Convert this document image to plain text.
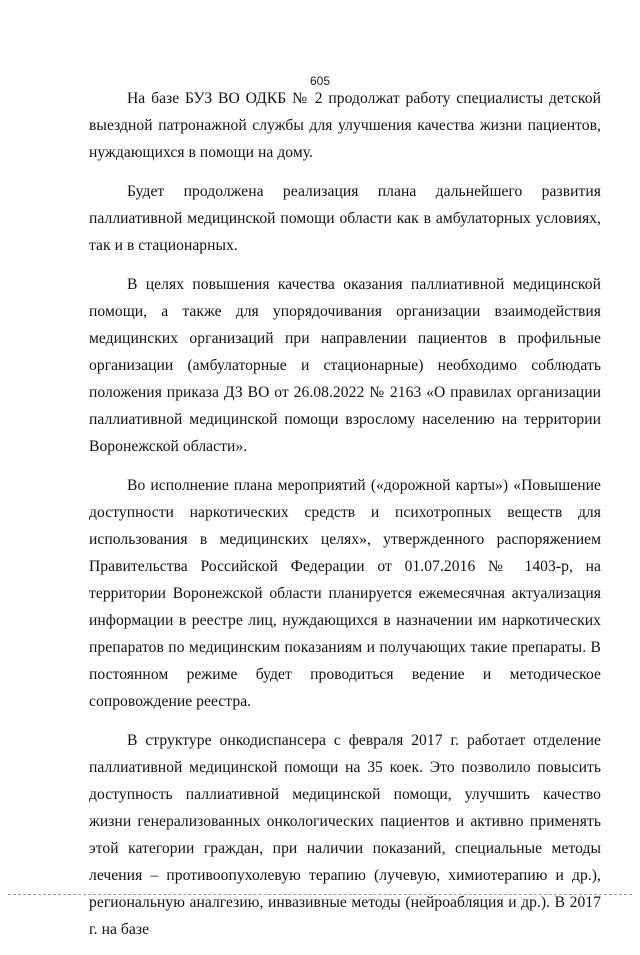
605

На базе БУЗ ВО ОДКБ № 2 продолжат работу специалисты детской выездной патронажной службы для улучшения качества жизни пациентов, нуждающихся в помощи на дому.

Будет продолжена реализация плана дальнейшего развития паллиативной медицинской помощи области как в амбулаторных условиях, так и в стационарных.

В целях повышения качества оказания паллиативной медицинской помощи, а также для упорядочивания организации взаимодействия медицинских организаций при направлении пациентов в профильные организации (амбулаторные и стационарные) необходимо соблюдать положения приказа ДЗ ВО от 26.08.2022 № 2163 «О правилах организации паллиативной медицинской помощи взрослому населению на территории Воронежской области».

Во исполнение плана мероприятий («дорожной карты») «Повышение доступности наркотических средств и психотропных веществ для использования в медицинских целях», утвержденного распоряжением Правительства Российской Федерации от 01.07.2016 № 1403-р, на территории Воронежской области планируется ежемесячная актуализация информации в реестре лиц, нуждающихся в назначении им наркотических препаратов по медицинским показаниям и получающих такие препараты. В постоянном режиме будет проводиться ведение и методическое сопровождение реестра.

В структуре онкодиспансера с февраля 2017 г. работает отделение паллиативной медицинской помощи на 35 коек. Это позволило повысить доступность паллиативной медицинской помощи, улучшить качество жизни генерализованных онкологических пациентов и активно применять этой категории граждан, при наличии показаний, специальные методы лечения – противоопухолевую терапию (лучевую, химиотерапию и др.), региональную аналгезию, инвазивные методы (нейроабляция и др.). В 2017 г. на базе
